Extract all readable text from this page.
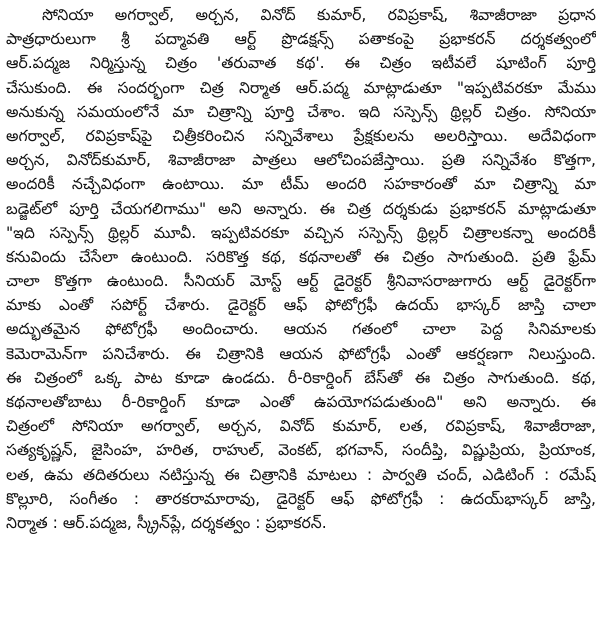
సోనియా అగర్వాల్, అర్చన, వినోద్ కుమార్, రవిప్రకాష్, శివాజీరాజా ప్రధాన
పాత్రధారులుగా శ్రీ పద్మావతి ఆర్ట్ ప్రొడక్షన్స్ పతాకంపై ప్రభాకరన్ దర్శకత్వంలో
ఆర్.పద్మజ నిర్మిస్తున్న చిత్రం 'తరువాత కథ'. ఈ చిత్రం ఇటీవలే షూటింగ్ పూర్తి
చేసుకుంది. ఈ సందర్భంగా చిత్ర నిర్మాత ఆర్.పద్మ మాట్లాడుతూ "ఇప్పటివరకూ మేము
అనుకున్న సమయంలోనే మా చిత్రాన్ని పూర్తి చేశాం. ఇది సస్పెన్స్ థ్రిల్లర్ చిత్రం. సోనియా
అగర్వాల్, రవిప్రకాష్‌పై చిత్రీకరించిన సన్నివేశాలు ప్రేక్షకులను అలరిస్తాయి. అదేవిధంగా
అర్చన, వినోద్‌కుమార్, శివాజీరాజా పాత్రలు ఆలోచింపజేస్తాయి. ప్రతి సన్నివేశం కొత్తగా,
అందరికీ నచ్చేవిధంగా ఉంటాయి. మా టీమ్ అందరి సహకారంతో మా చిత్రాన్ని మా
బడ్జెట్‌లో పూర్తి చేయగలిగాము" అని అన్నారు. ఈ చిత్ర దర్శకుడు ప్రభాకరన్ మాట్లాడుతూ
"ఇది సస్పెన్స్ థ్రిల్లర్ మూవీ. ఇప్పటివరకూ వచ్చిన సస్పెన్స్ థ్రిల్లర్ చిత్రాలకన్నా అందరికీ
కనువిందు చేసేలా ఉంటుంది. సరికొత్త కథ, కథనాలతో ఈ చిత్రం సాగుతుంది. ప్రతి ఫ్రేమ్
చాలా కొత్తగా ఉంటుంది. సీనియర్ మోస్ట్ ఆర్ట్ డైరెక్టర్ శ్రీనివాసరాజుగారు ఆర్ట్ డైరెక్టర్‌గా
మాకు ఎంతో సపోర్ట్ చేశారు. డైరెక్టర్ ఆఫ్ ఫోటోగ్రఫీ ఉదయ్ భాస్కర్ జాస్తి చాలా
అద్భుతమైన ఫోటోగ్రఫీ అందించారు. ఆయన గతంలో చాలా పెద్ద సినిమాలకు
కెమెరామెన్‌గా పనిచేశారు. ఈ చిత్రానికి ఆయన ఫోటోగ్రఫీ ఎంతో ఆకర్షణగా నిలుస్తుంది.
ఈ చిత్రంలో ఒక్క పాట కూడా ఉండదు. రీ-రికార్డింగ్ బేస్‌తో ఈ చిత్రం సాగుతుంది. కథ,
కథనాలతోబాటు రీ-రికార్డింగ్ కూడా ఎంతో ఉపయోగపడుతుంది" అని అన్నారు. ఈ
చిత్రంలో సోనియా అగర్వాల్, అర్చన, వినోద్ కుమార్, లత, రవిప్రకాష్, శివాజీరాజా,
సత్యకృష్ణన్, జైసింహ, హరిత, రాహుల్, వెంకట్, భగవాన్, సందీప్తి, విష్ణుప్రియ, ప్రియాంక,
లత, ఉమ తదితరులు నటిస్తున్న ఈ చిత్రానికి మాటలు : పార్వతి చంద్, ఎడిటింగ్ : రమేష్
కొల్లూరి, సంగీతం : తారకరామారావు, డైరెక్టర్ ఆఫ్ ఫోటోగ్రఫీ : ఉదయ్‌భాస్కర్ జాస్తి,
నిర్మాత : ఆర్.పద్మజ, స్క్రీన్‌ప్లే, దర్శకత్వం : ప్రభాకరన్.
